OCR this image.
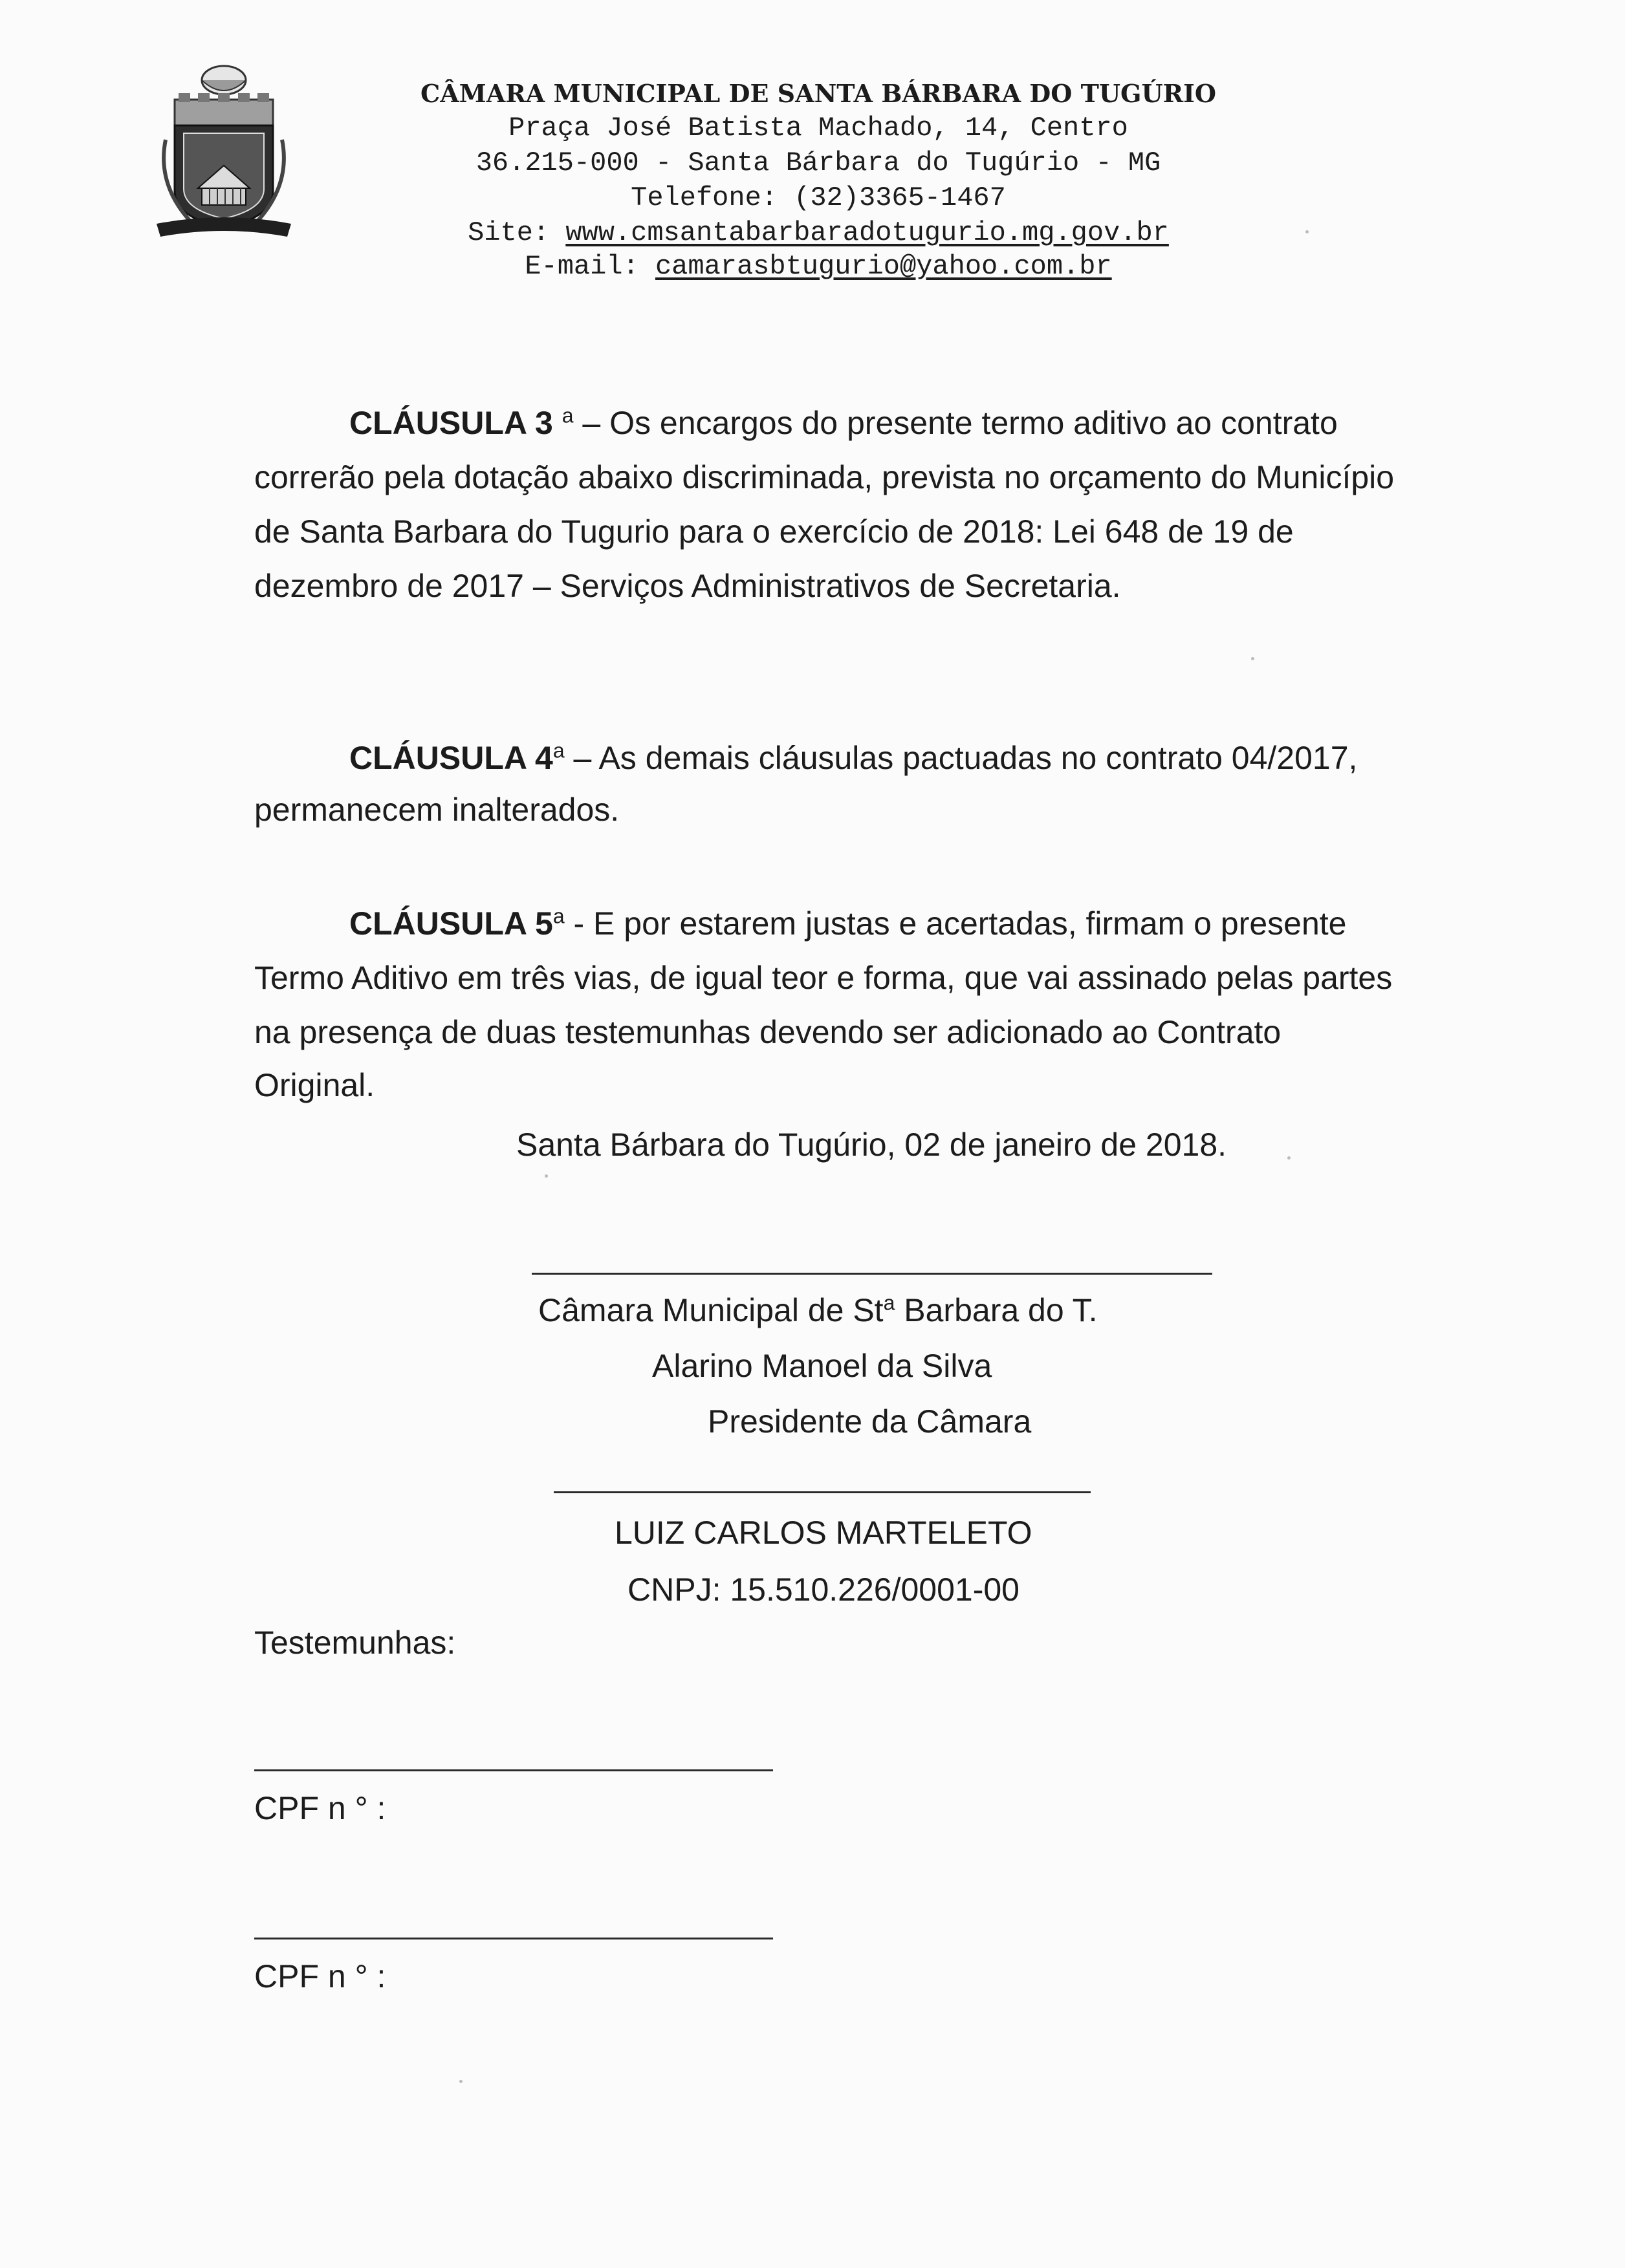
CÂMARA MUNICIPAL DE SANTA BÁRBARA DO TUGÚRIO
Praça José Batista Machado, 14, Centro
36.215-000 - Santa Bárbara do Tugúrio - MG
Telefone: (32)3365-1467
Site: www.cmsantabarbaradotugurio.mg.gov.br
E-mail: camarasbtugurio@yahoo.com.br
CLÁUSULA 3 $^a$ – Os encargos do presente termo aditivo ao contrato
correrão pela dotação abaixo discriminada, prevista no orçamento do Município
de Santa Barbara do Tugurio para o exercício de 2018: Lei 648 de 19 de
dezembro de 2017 – Serviços Administrativos de Secretaria.
CLÁUSULA 4$^a$ – As demais cláusulas pactuadas no contrato 04/2017,
permanecem inalterados.
CLÁUSULA 5$^a$ - E por estarem justas e acertadas, firmam o presente
Termo Aditivo em três vias, de igual teor e forma, que vai assinado pelas partes
na presença de duas testemunhas devendo ser adicionado ao Contrato
Original.
Santa Bárbara do Tugúrio, 02 de janeiro de 2018.
Câmara Municipal de St$^a$ Barbara do T.
Alarino Manoel da Silva
Presidente da Câmara
LUIZ CARLOS MARTELETO
CNPJ: 15.510.226/0001-00
Testemunhas:
CPF n ° :
CPF n ° :
